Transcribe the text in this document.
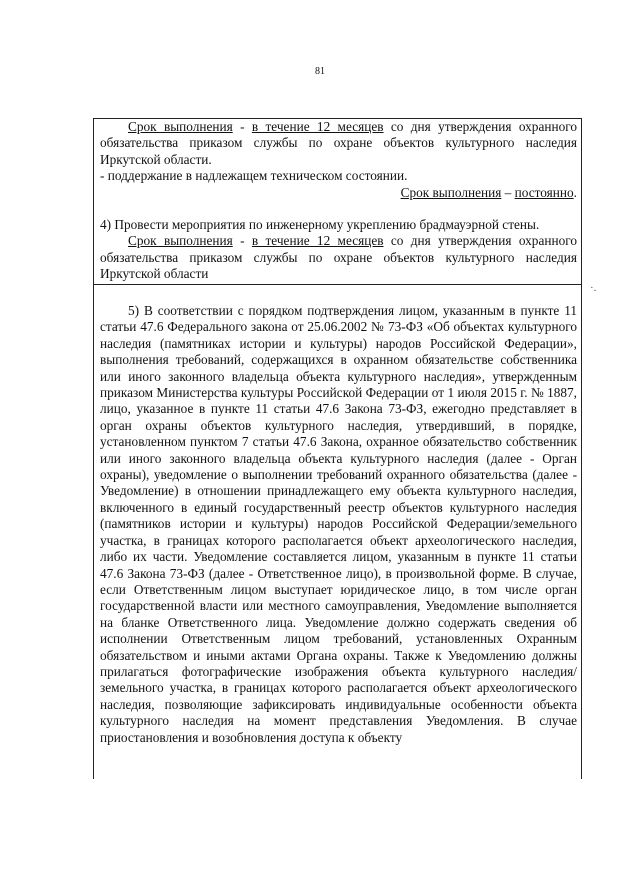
81

Срок выполнения - в течение 12 месяцев со дня утверждения охранного обязательства приказом службы по охране объектов культурного наследия Иркутской области.

- поддержание в надлежащем техническом состоянии.

Срок выполнения – постоянно.

4) Провести мероприятия по инженерному укреплению брадмауэрной стены.

Срок выполнения - в течение 12 месяцев со дня утверждения охранного обязательства приказом службы по охране объектов культурного наследия Иркутской области

5) В соответствии с порядком подтверждения лицом, указанным в пункте 11 статьи 47.6 Федерального закона от 25.06.2002 № 73-ФЗ «Об объектах культурного наследия (памятниках истории и культуры) народов Российской Федерации», выполнения требований, содержащихся в охранном обязательстве собственника или иного законного владельца объекта культурного наследия», утвержденным приказом Министерства культуры Российской Федерации от 1 июля 2015 г. № 1887, лицо, указанное в пункте 11 статьи 47.6 Закона 73-ФЗ, ежегодно представляет в орган охраны объектов культурного наследия, утвердивший, в порядке, установленном пунктом 7 статьи 47.6 Закона, охранное обязательство собственник или иного законного владельца объекта культурного наследия (далее - Орган охраны), уведомление о выполнении требований охранного обязательства (далее - Уведомление) в отношении принадлежащего ему объекта культурного наследия, включенного в единый государственный реестр объектов культурного наследия (памятников истории и культуры) народов Российской Федерации/земельного участка, в границах которого располагается объект археологического наследия, либо их части. Уведомление составляется лицом, указанным в пункте 11 статьи 47.6 Закона 73-ФЗ (далее - Ответственное лицо), в произвольной форме. В случае, если Ответственным лицом выступает юридическое лицо, в том числе орган государственной власти или местного самоуправления, Уведомление выполняется на бланке Ответственного лица. Уведомление должно содержать сведения об исполнении Ответственным лицом требований, установленных Охранным обязательством и иными актами Органа охраны. Также к Уведомлению должны прилагаться фотографические изображения объекта культурного наследия/земельного участка, в границах которого располагается объект археологического наследия, позволяющие зафиксировать индивидуальные особенности объекта культурного наследия на момент представления Уведомления. В случае приостановления и возобновления доступа к объекту

·.
